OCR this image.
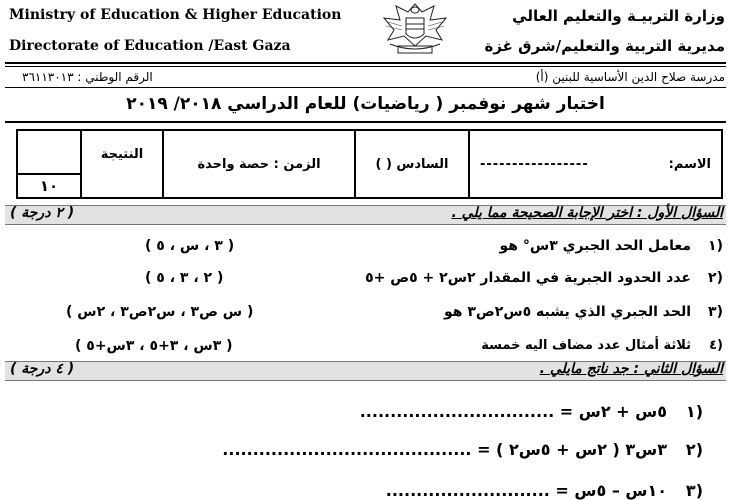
Ministry of Education & Higher Education
Directorate of Education /East Gaza
وزارة التربيـة والتعليم العالي
مديرية التربية والتعليم/شرق غزة
مدرسة صلاح الدين الأساسية للبنين (أ)
الرقم الوطني : ٣٦١١٣٠١٣
اختبار شهر نوفمبر ( رياضيات) للعام الدراسي ٢٠١٨/ ٢٠١٩
	النتيجة	الزمن : حصة واحدة	السادس ( )	-----------------	الاسم:

١٠
السؤال الأول : اختر الإجابة الصحيحة مما يلي .
( ٢ درجة )
١)
معامل الحد الجبري ٣س° هو
( ٣ ، س ، ٥ )
٢)
عدد الحدود الجبرية في المقدار ٢س٢ + ٥ص +٥
( ٢ ، ٣ ، ٥ )
٣)
الحد الجبري الذي يشبه ٥س٢ص٣ هو
( س ص٣ ، س٢ص٣ ، ٢س )
٤)
ثلاثة أمثال عدد مضاف اليه خمسة
( ٣س ، ٣+٥ ، ٣س+٥ )
السؤال الثاني : جد ناتج مايلي .
( ٤ درجة )
١)
٥س + ٢س = ................................
٢)
٣س٣ ( ٢س + ٥س٢ ) = .........................................
٣)
١٠س – ٥س = ...........................
